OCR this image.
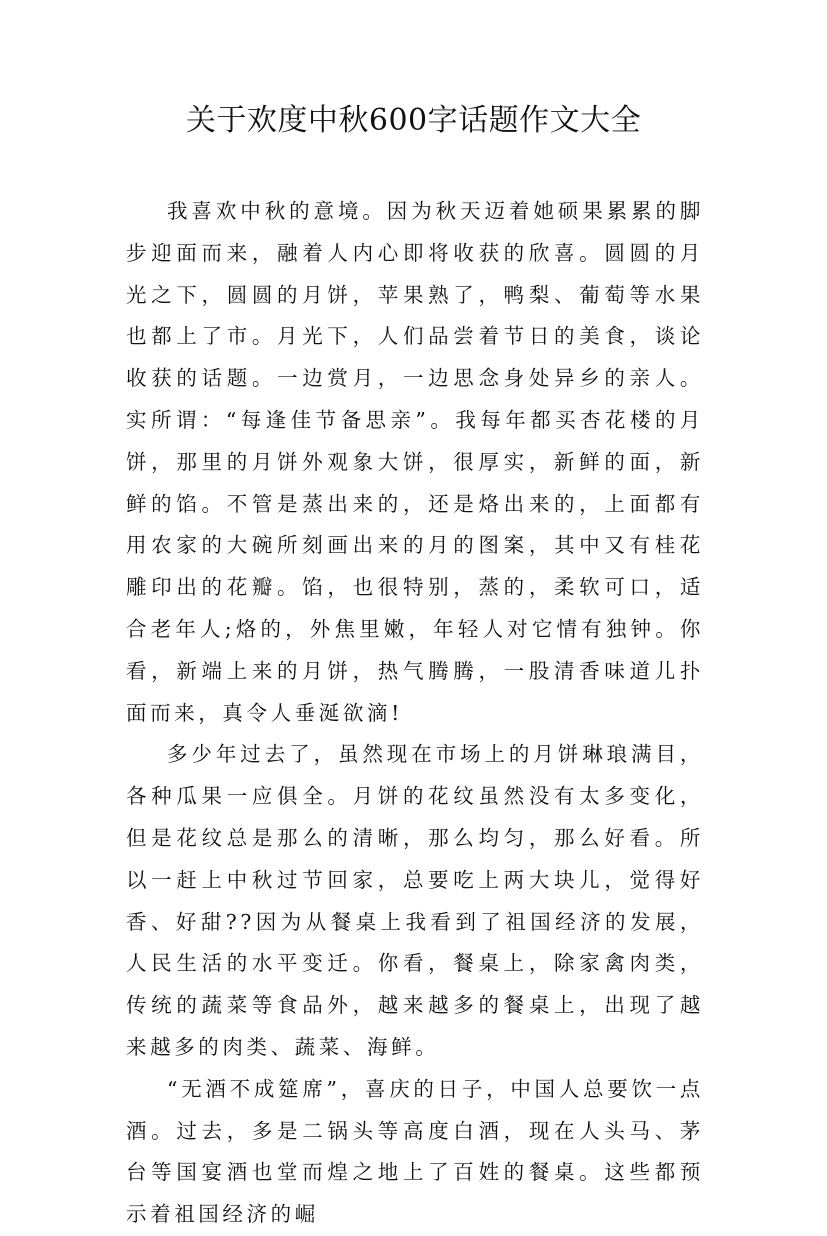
关于欢度中秋600字话题作文大全

我喜欢中秋的意境。因为秋天迈着她硕果累累的脚步迎面而来，融着人内心即将收获的欣喜。圆圆的月光之下，圆圆的月饼，苹果熟了，鸭梨、葡萄等水果也都上了市。月光下，人们品尝着节日的美食，谈论收获的话题。一边赏月，一边思念身处异乡的亲人。实所谓：“每逢佳节备思亲”。我每年都买杏花楼的月饼，那里的月饼外观象大饼，很厚实，新鲜的面，新鲜的馅。不管是蒸出来的，还是烙出来的，上面都有用农家的大碗所刻画出来的月的图案，其中又有桂花雕印出的花瓣。馅，也很特别，蒸的，柔软可口，适合老年人;烙的，外焦里嫩，年轻人对它情有独钟。你看，新端上来的月饼，热气腾腾，一股清香味道儿扑面而来，真令人垂涎欲滴!

多少年过去了，虽然现在市场上的月饼琳琅满目，各种瓜果一应俱全。月饼的花纹虽然没有太多变化，但是花纹总是那么的清晰，那么均匀，那么好看。所以一赶上中秋过节回家，总要吃上两大块儿，觉得好香、好甜??因为从餐桌上我看到了祖国经济的发展，人民生活的水平变迁。你看，餐桌上，除家禽肉类，传统的蔬菜等食品外，越来越多的餐桌上，出现了越来越多的肉类、蔬菜、海鲜。

“无酒不成筵席”，喜庆的日子，中国人总要饮一点酒。过去，多是二锅头等高度白酒，现在人头马、茅台等国宴酒也堂而煌之地上了百姓的餐桌。这些都预示着祖国经济的崛
